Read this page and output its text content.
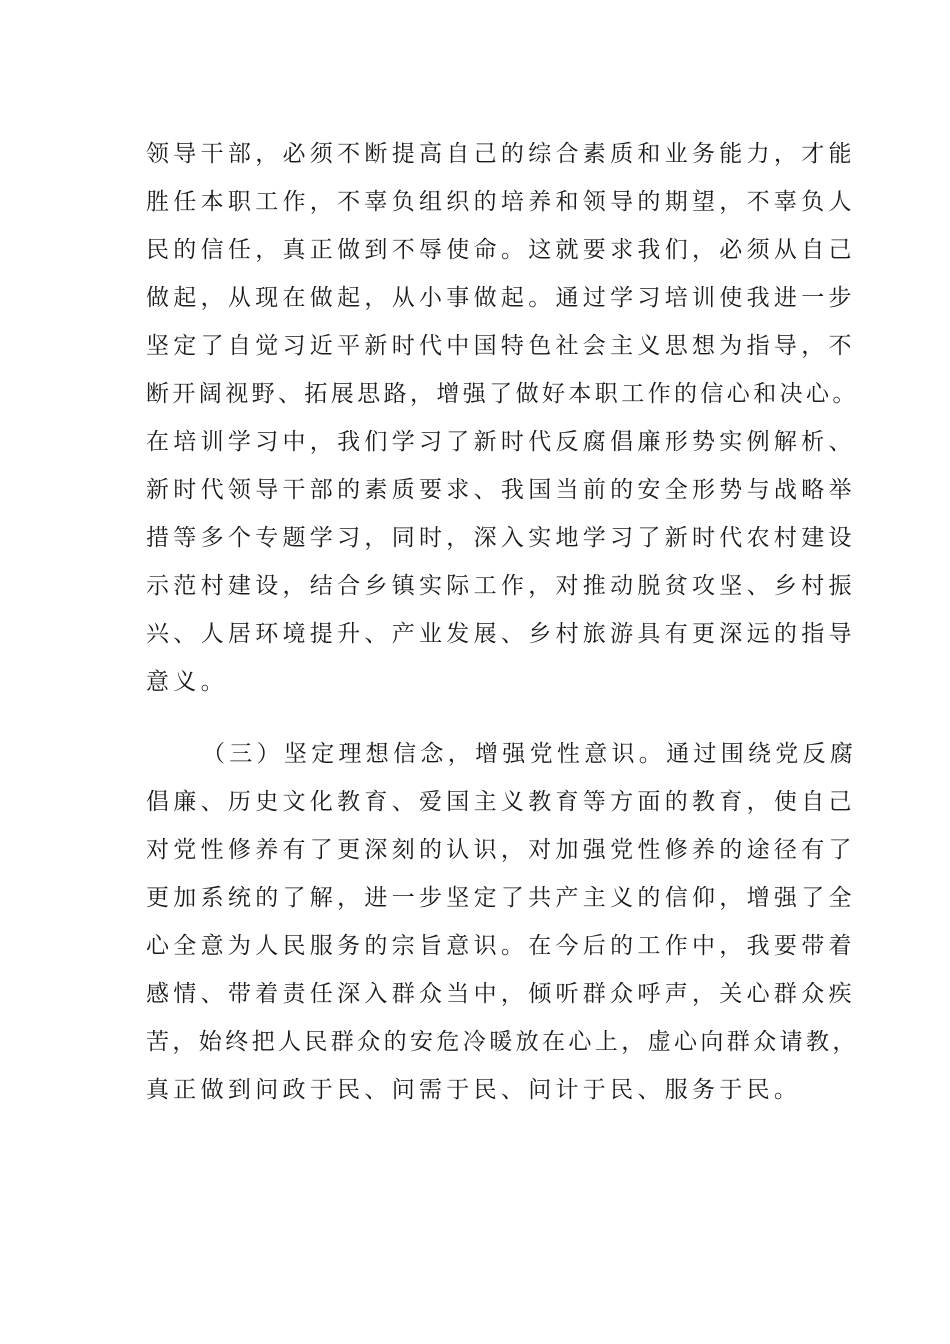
领导干部，必须不断提高自己的综合素质和业务能力，才能
胜任本职工作，不辜负组织的培养和领导的期望，不辜负人
民的信任，真正做到不辱使命。这就要求我们，必须从自己
做起，从现在做起，从小事做起。通过学习培训使我进一步
坚定了自觉习近平新时代中国特色社会主义思想为指导，不
断开阔视野、拓展思路，增强了做好本职工作的信心和决心。
在培训学习中，我们学习了新时代反腐倡廉形势实例解析、
新时代领导干部的素质要求、我国当前的安全形势与战略举
措等多个专题学习，同时，深入实地学习了新时代农村建设
示范村建设，结合乡镇实际工作，对推动脱贫攻坚、乡村振
兴、人居环境提升、产业发展、乡村旅游具有更深远的指导
意义。
（三）坚定理想信念，增强党性意识。通过围绕党反腐
倡廉、历史文化教育、爱国主义教育等方面的教育，使自己
对党性修养有了更深刻的认识，对加强党性修养的途径有了
更加系统的了解，进一步坚定了共产主义的信仰，增强了全
心全意为人民服务的宗旨意识。在今后的工作中，我要带着
感情、带着责任深入群众当中，倾听群众呼声，关心群众疾
苦，始终把人民群众的安危冷暖放在心上，虚心向群众请教，
真正做到问政于民、问需于民、问计于民、服务于民。
